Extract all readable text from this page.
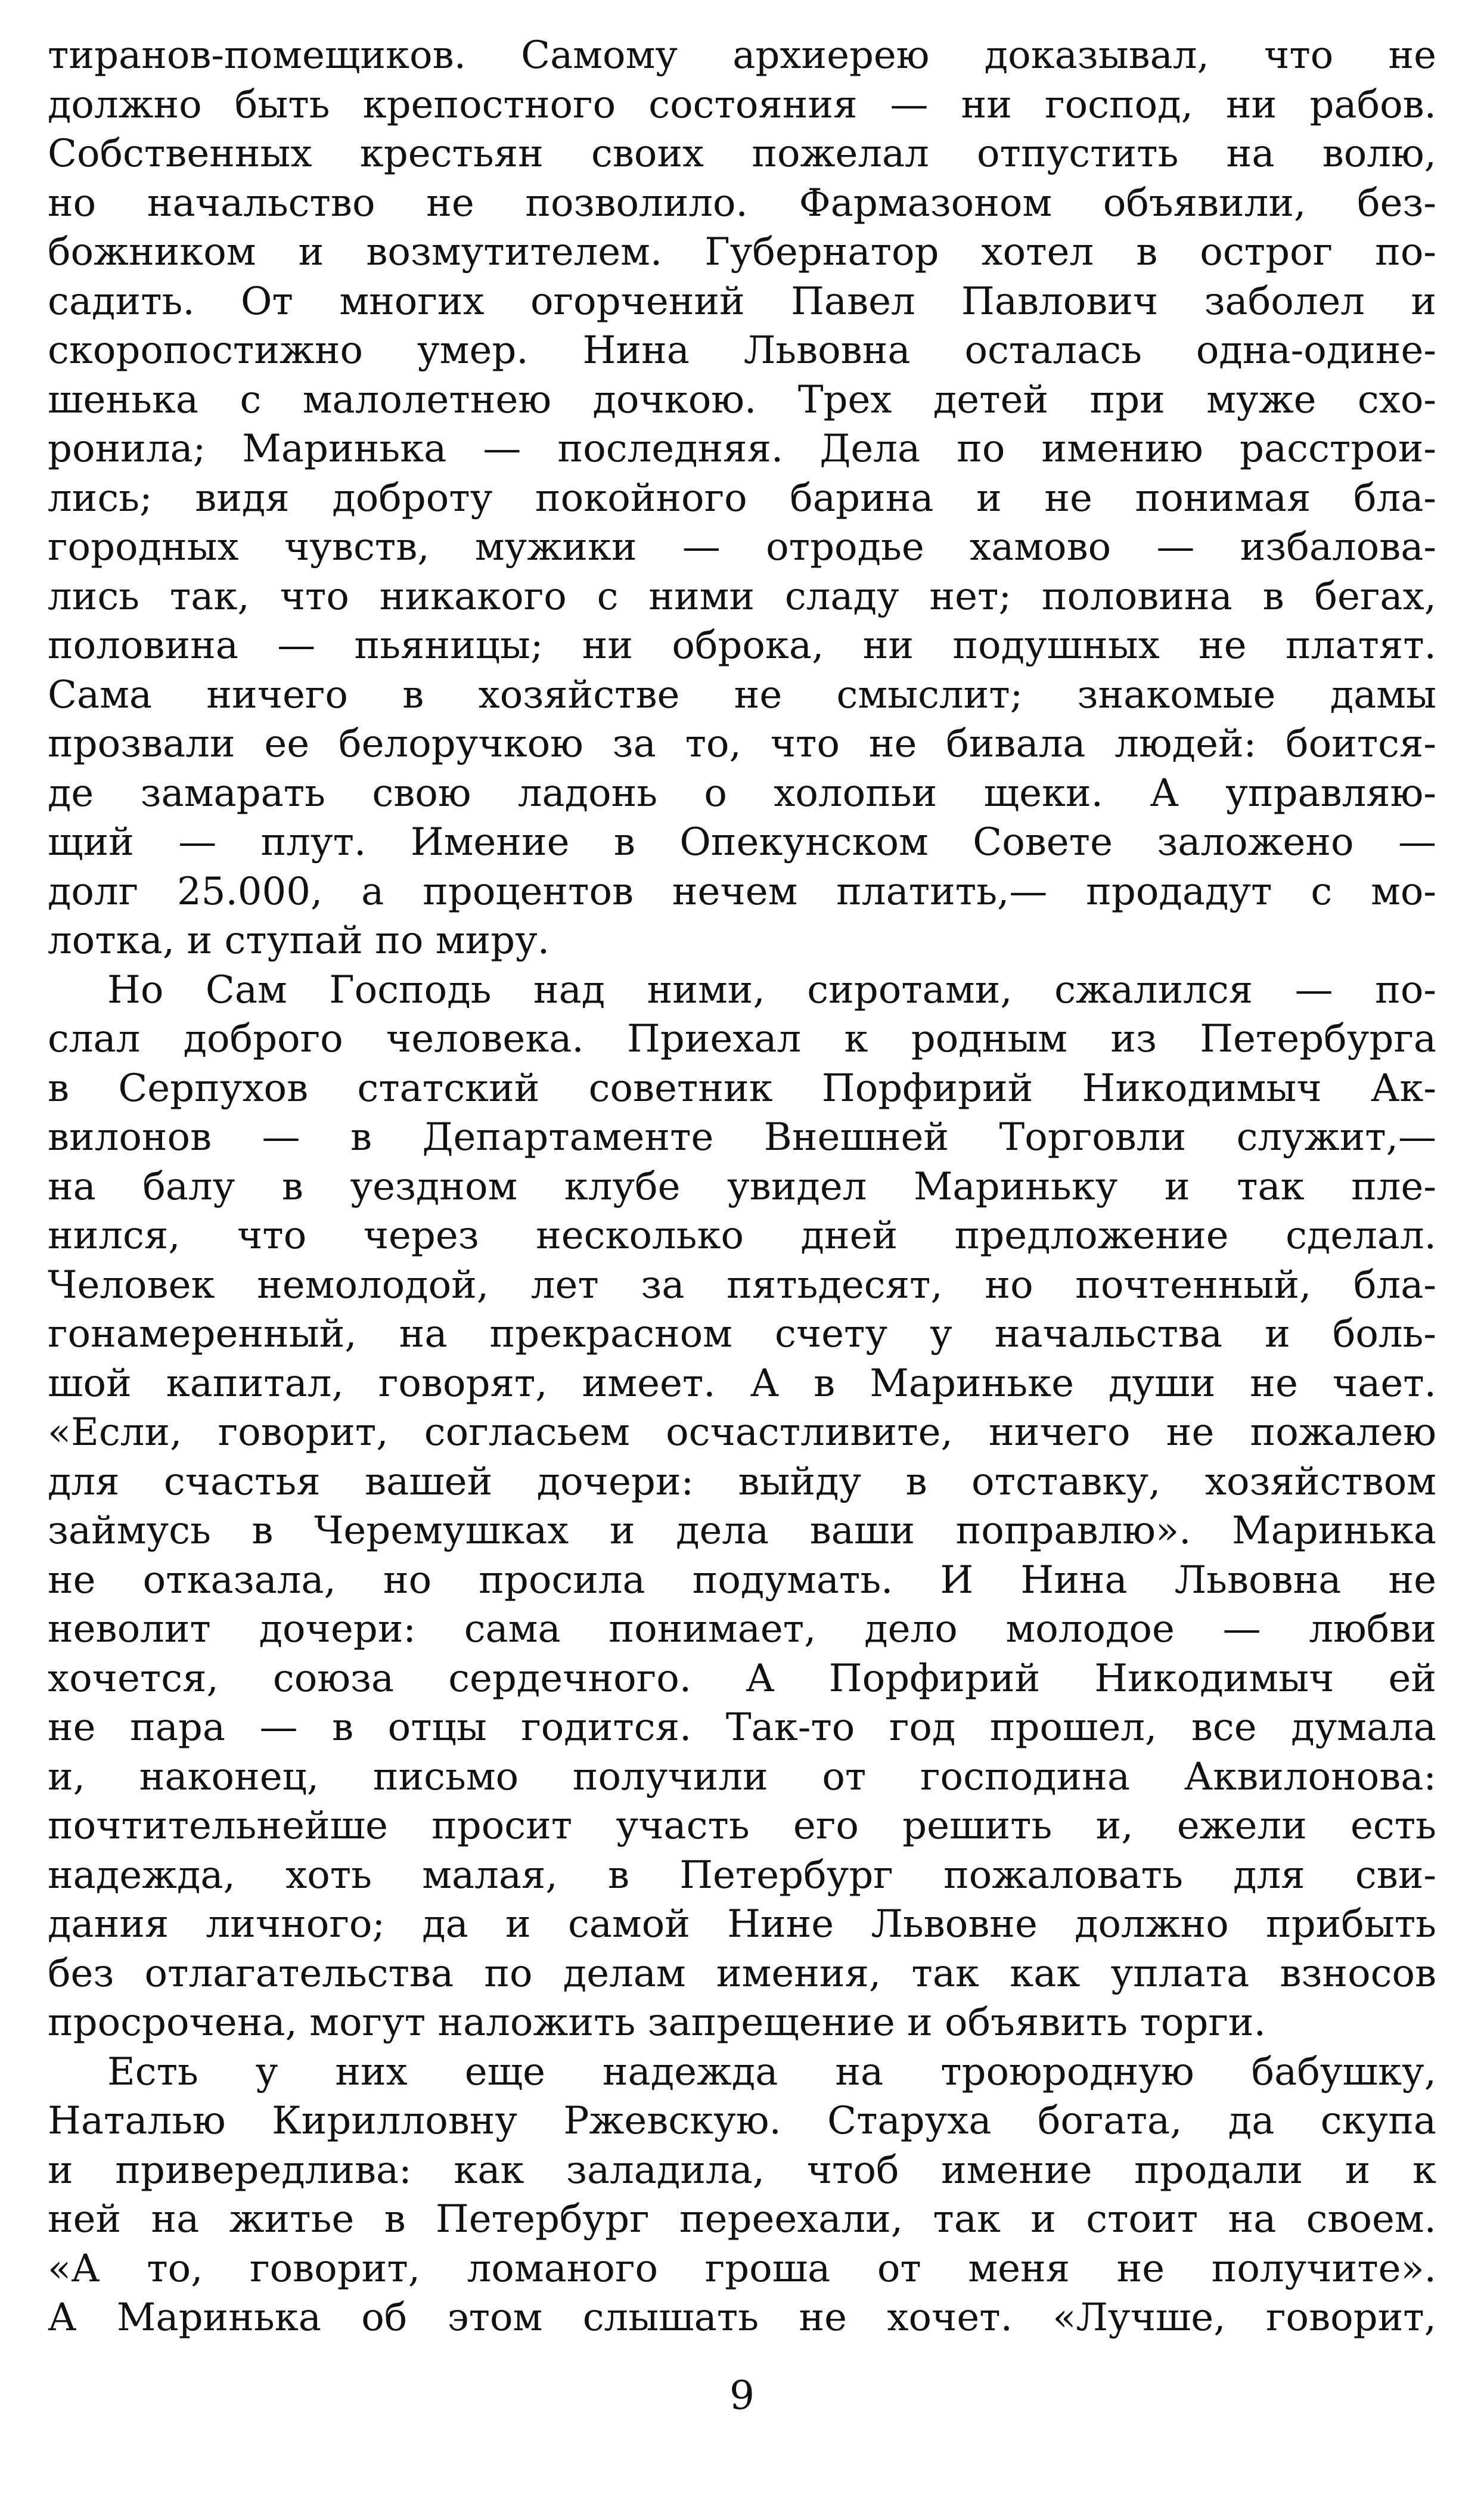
тиранов-помещиков. Самому архиерею доказывал, что не
должно быть крепостного состояния — ни господ, ни рабов.
Собственных крестьян своих пожелал отпустить на волю,
но начальство не позволило. Фармазоном объявили, без-
божником и возмутителем. Губернатор хотел в острог по-
садить. От многих огорчений Павел Павлович заболел и
скоропостижно умер. Нина Львовна осталась одна-одине-
шенька с малолетнею дочкою. Трех детей при муже схо-
ронила; Маринька — последняя. Дела по имению расстрои-
лись; видя доброту покойного барина и не понимая бла-
городных чувств, мужики — отродье хамово — избалова-
лись так, что никакого с ними сладу нет; половина в бегах,
половина — пьяницы; ни оброка, ни подушных не платят.
Сама ничего в хозяйстве не смыслит; знакомые дамы
прозвали ее белоручкою за то, что не бивала людей: боится-
де замарать свою ладонь о холопьи щеки. А управляю-
щий — плут. Имение в Опекунском Совете заложено —
долг 25.000, а процентов нечем платить,— продадут с мо-
лотка, и ступай по миру.
Но Сам Господь над ними, сиротами, сжалился — по-
слал доброго человека. Приехал к родным из Петербурга
в Серпухов статский советник Порфирий Никодимыч Ак-
вилонов — в Департаменте Внешней Торговли служит,—
на балу в уездном клубе увидел Мариньку и так пле-
нился, что через несколько дней предложение сделал.
Человек немолодой, лет за пятьдесят, но почтенный, бла-
гонамеренный, на прекрасном счету у начальства и боль-
шой капитал, говорят, имеет. А в Мариньке души не чает.
«Если, говорит, согласьем осчастливите, ничего не пожалею
для счастья вашей дочери: выйду в отставку, хозяйством
займусь в Черемушках и дела ваши поправлю». Маринька
не отказала, но просила подумать. И Нина Львовна не
неволит дочери: сама понимает, дело молодое — любви
хочется, союза сердечного. А Порфирий Никодимыч ей
не пара — в отцы годится. Так-то год прошел, все думала
и, наконец, письмо получили от господина Аквилонова:
почтительнейше просит участь его решить и, ежели есть
надежда, хоть малая, в Петербург пожаловать для сви-
дания личного; да и самой Нине Львовне должно прибыть
без отлагательства по делам имения, так как уплата взносов
просрочена, могут наложить запрещение и объявить торги.
Есть у них еще надежда на троюродную бабушку,
Наталью Кирилловну Ржевскую. Старуха богата, да скупа
и привередлива: как заладила, чтоб имение продали и к
ней на житье в Петербург переехали, так и стоит на своем.
«А то, говорит, ломаного гроша от меня не получите».
А Маринька об этом слышать не хочет. «Лучше, говорит,
9
